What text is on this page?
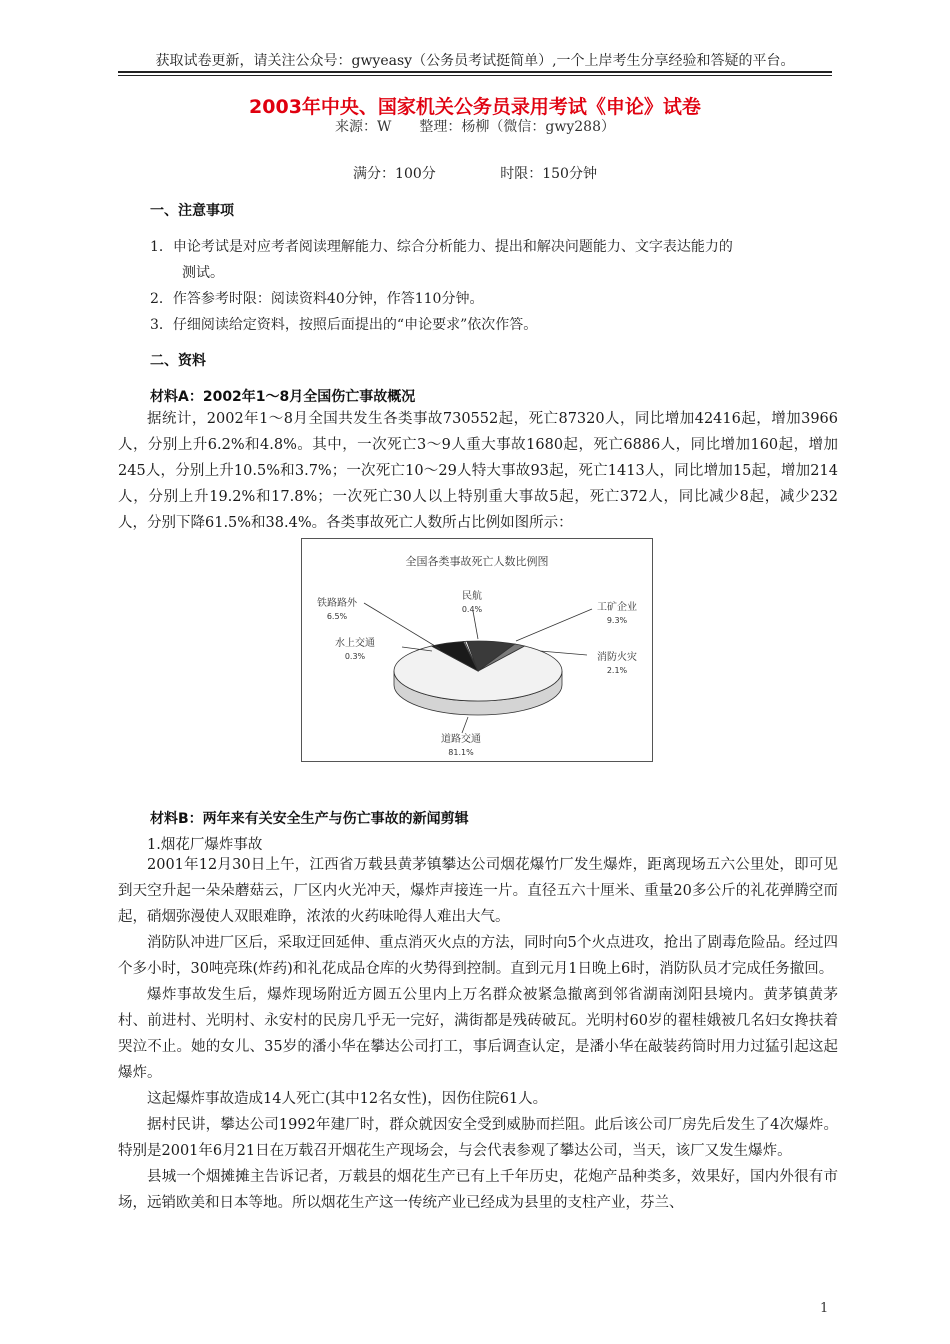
获取试卷更新，请关注公众号：gwyeasy（公务员考试挺简单）,一个上岸考生分享经验和答疑的平台。
2003年中央、国家机关公务员录用考试《申论》试卷
来源：W　　整理：杨柳（微信：gwy288）
满分：100分	时限：150分钟
一、注意事项
1．申论考试是对应考者阅读理解能力、综合分析能力、提出和解决问题能力、文字表达能力的
测试。
2．作答参考时限：阅读资料40分钟，作答110分钟。
3．仔细阅读给定资料，按照后面提出的“申论要求”依次作答。
二、资料
材料A：2002年1～8月全国伤亡事故概况

据统计，2002年1～8月全国共发生各类事故730552起，死亡87320人，同比增加42416起，增加3966人，分别上升6.2%和4.8%。其中，一次死亡3～9人重大事故1680起，死亡6886人，同比增加160起，增加245人，分别上升10.5%和3.7%；一次死亡10～29人特大事故93起，死亡1413人，同比增加15起，增加214人，分别上升19.2%和17.8%；一次死亡30人以上特别重大事故5起，死亡372人，同比减少8起，减少232人，分别下降61.5%和38.4%。各类事故死亡人数所占比例如图所示：

全国各类事故死亡人数比例图
铁路路外
6.5%
水上交通
0.3%
民航
0.4%	工矿企业
9.3%
消防火灾
2.1%
道路交通
81.1%
材料B：两年来有关安全生产与伤亡事故的新闻剪辑
1.烟花厂爆炸事故

2001年12月30日上午，江西省万载县黄茅镇攀达公司烟花爆竹厂发生爆炸，距离现场五六公里处，即可见到天空升起一朵朵蘑菇云，厂区内火光冲天，爆炸声接连一片。直径五六十厘米、重量20多公斤的礼花弹腾空而起，硝烟弥漫使人双眼难睁，浓浓的火药味呛得人难出大气。

消防队冲进厂区后，采取迂回延伸、重点消灭火点的方法，同时向5个火点进攻，抢出了剧毒危险品。经过四个多小时，30吨亮珠(炸药)和礼花成品仓库的火势得到控制。直到元月1日晚上6时，消防队员才完成任务撤回。

爆炸事故发生后，爆炸现场附近方圆五公里内上万名群众被紧急撤离到邻省湖南浏阳县境内。黄茅镇黄茅村、前进村、光明村、永安村的民房几乎无一完好，满街都是残砖破瓦。光明村60岁的翟桂娥被几名妇女搀扶着哭泣不止。她的女儿、35岁的潘小华在攀达公司打工，事后调查认定，是潘小华在敲装药筒时用力过猛引起这起爆炸。

这起爆炸事故造成14人死亡(其中12名女性)，因伤住院61人。

据村民讲，攀达公司1992年建厂时，群众就因安全受到威胁而拦阻。此后该公司厂房先后发生了4次爆炸。特别是2001年6月21日在万载召开烟花生产现场会，与会代表参观了攀达公司，当天，该厂又发生爆炸。

县城一个烟摊摊主告诉记者，万载县的烟花生产已有上千年历史，花炮产品种类多，效果好，国内外很有市场，远销欧美和日本等地。所以烟花生产这一传统产业已经成为县里的支柱产业，芬兰、

1
